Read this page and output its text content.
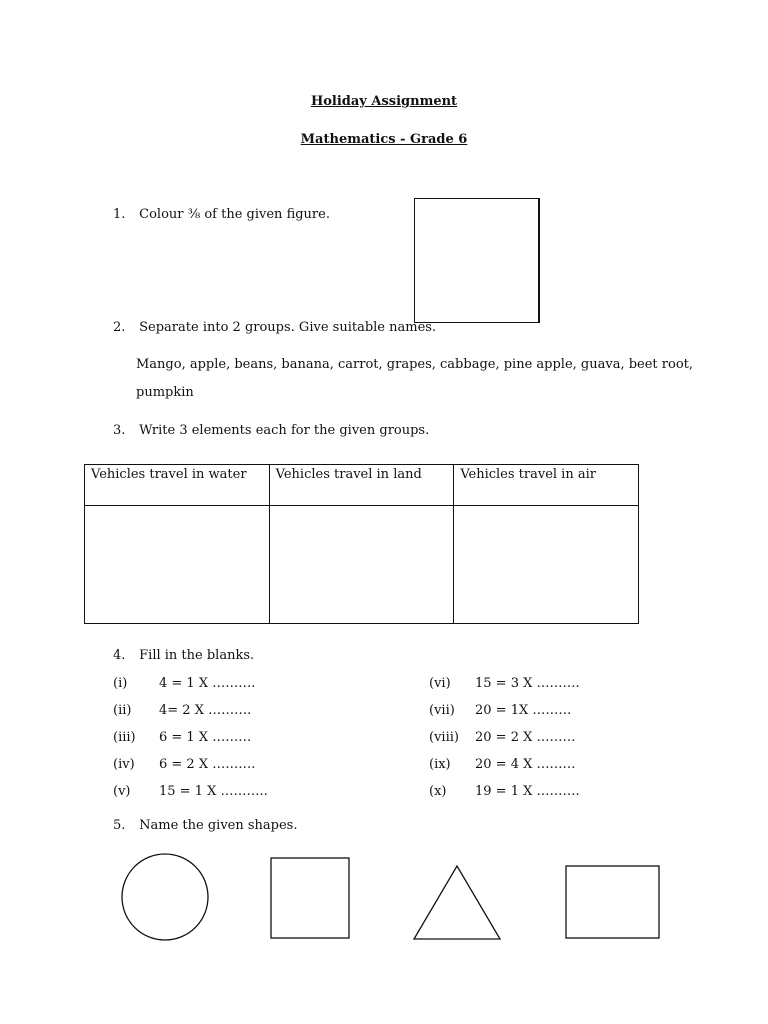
Holiday Assignment
Mathematics - Grade 6
1. Colour ⅜ of the given figure.
2. Separate into 2 groups. Give suitable names.
Mango, apple, beans, banana, carrot, grapes, cabbage, pine apple, guava, beet root,
pumpkin
3. Write 3 elements each for the given groups.
Vehicles travel in water	Vehicles travel in land	Vehicles travel in air

4. Fill in the blanks.
(i) 4 = 1 X ……….
(ii) 4= 2 X ……….
(iii) 6 = 1 X ………
(iv) 6 = 2 X ……….
(v) 15 = 1 X ………..
(vi) 15 = 3 X ……….
(vii) 20 = 1X ………
(viii) 20 = 2 X ………
(ix) 20 = 4 X ………
(x) 19 = 1 X ……….
5. Name the given shapes.
